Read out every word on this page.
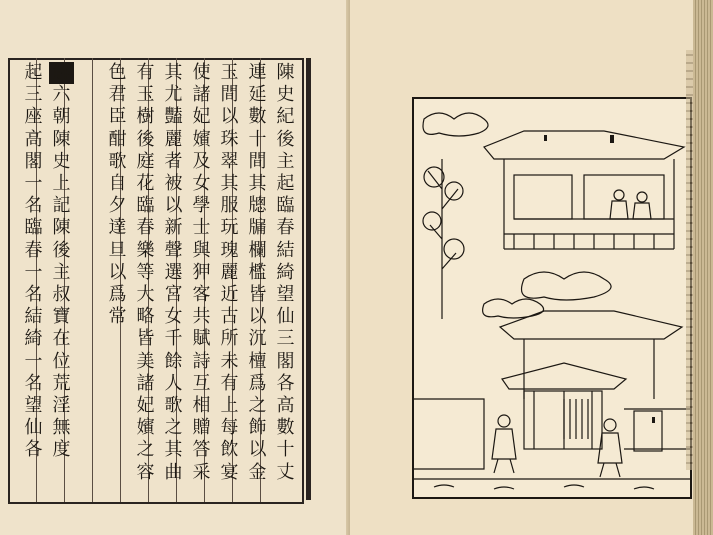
陳
史
紀
後
主
起
臨
春
結
綺
望
仙
三
閣
各
高
數
十
丈
連
延
數
十
間
其
牕
牖
欄
檻
皆
以
沉
檀
爲
之
飾
以
金
玉
間
以
珠
翠
其
服
玩
瑰
麗
近
古
所
未
有
上
每
飲
宴
使
諸
妃
嬪
及
女
學
士
與
狎
客
共
賦
詩
互
相
贈
答
采
其
尤
豔
麗
者
被
以
新
聲
選
宮
女
千
餘
人
歌
之
其
曲
有
玉
樹
後
庭
花
臨
春
樂
等
大
略
皆
美
諸
妃
嬪
之
容
色
君
臣
酣
歌
自
夕
達
旦
以
爲
常
解
六
朝
陳
史
上
記
陳
後
主
叔
寶
在
位
荒
淫
無
度
起
三
座
高
閣
一
名
臨
春
一
名
結
綺
一
名
望
仙
各
